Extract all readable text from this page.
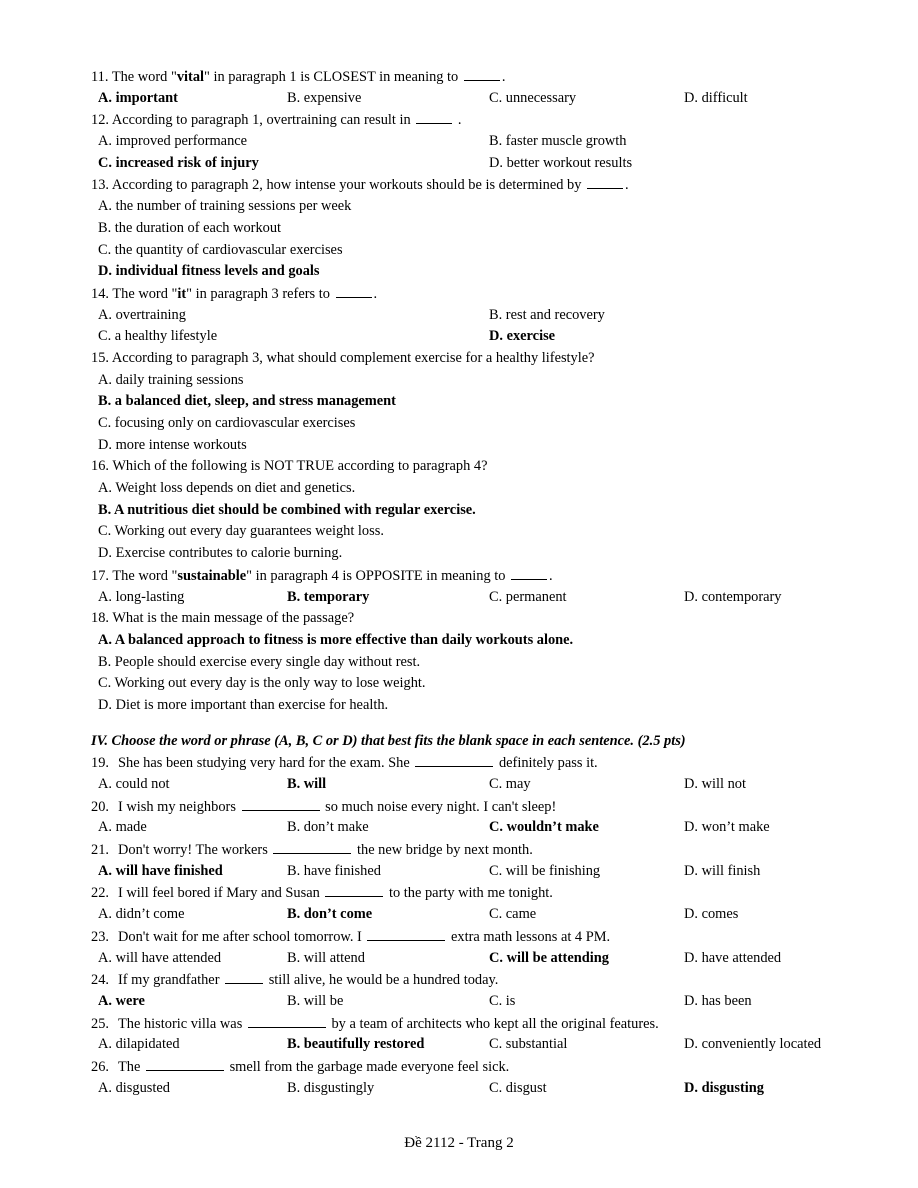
11. The word "vital" in paragraph 1 is CLOSEST in meaning to	.
A. important	B. expensive	C. unnecessary	D. difficult
12. According to paragraph 1, overtraining can result in	.
A. improved performance	B. faster muscle growth
C. increased risk of injury	D. better workout results
13. According to paragraph 2, how intense your workouts should be is determined by	.
A. the number of training sessions per week
B. the duration of each workout
C. the quantity of cardiovascular exercises
D. individual fitness levels and goals
14. The word "it" in paragraph 3 refers to	.
A. overtraining	B. rest and recovery
C. a healthy lifestyle	D. exercise
15. According to paragraph 3, what should complement exercise for a healthy lifestyle?
A. daily training sessions
B. a balanced diet, sleep, and stress management
C. focusing only on cardiovascular exercises
D. more intense workouts
16. Which of the following is NOT TRUE according to paragraph 4?
A. Weight loss depends on diet and genetics.
B. A nutritious diet should be combined with regular exercise.
C. Working out every day guarantees weight loss.
D. Exercise contributes to calorie burning.
17. The word "sustainable" in paragraph 4 is OPPOSITE in meaning to	.
A. long-lasting	B. temporary	C. permanent	D. contemporary
18. What is the main message of the passage?
A. A balanced approach to fitness is more effective than daily workouts alone.
B. People should exercise every single day without rest.
C. Working out every day is the only way to lose weight.
D. Diet is more important than exercise for health.
IV. Choose the word or phrase (A, B, C or D) that best fits the blank space in each sentence. (2.5 pts)
19. She has been studying very hard for the exam. She	definitely pass it.
A. could not	B. will	C. may	D. will not
20. I wish my neighbors	so much noise every night. I can't sleep!
A. made	B. don’t make	C. wouldn’t make	D. won’t make
21. Don't worry! The workers	the new bridge by next month.
A. will have finished	B. have finished	C. will be finishing	D. will finish
22. I will feel bored if Mary and Susan	to the party with me tonight.
A. didn’t come	B. don’t come	C. came	D. comes
23. Don't wait for me after school tomorrow. I	extra math lessons at 4 PM.
A. will have attended	B. will attend	C. will be attending	D. have attended
24. If my grandfather	still alive, he would be a hundred today.
A. were	B. will be	C. is	D. has been
25. The historic villa was	by a team of architects who kept all the original features.
A. dilapidated	B. beautifully restored	C. substantial	D. conveniently located
26. The	smell from the garbage made everyone feel sick.
A. disgusted	B. disgustingly	C. disgust	D. disgusting
Đề 2112 - Trang 2
